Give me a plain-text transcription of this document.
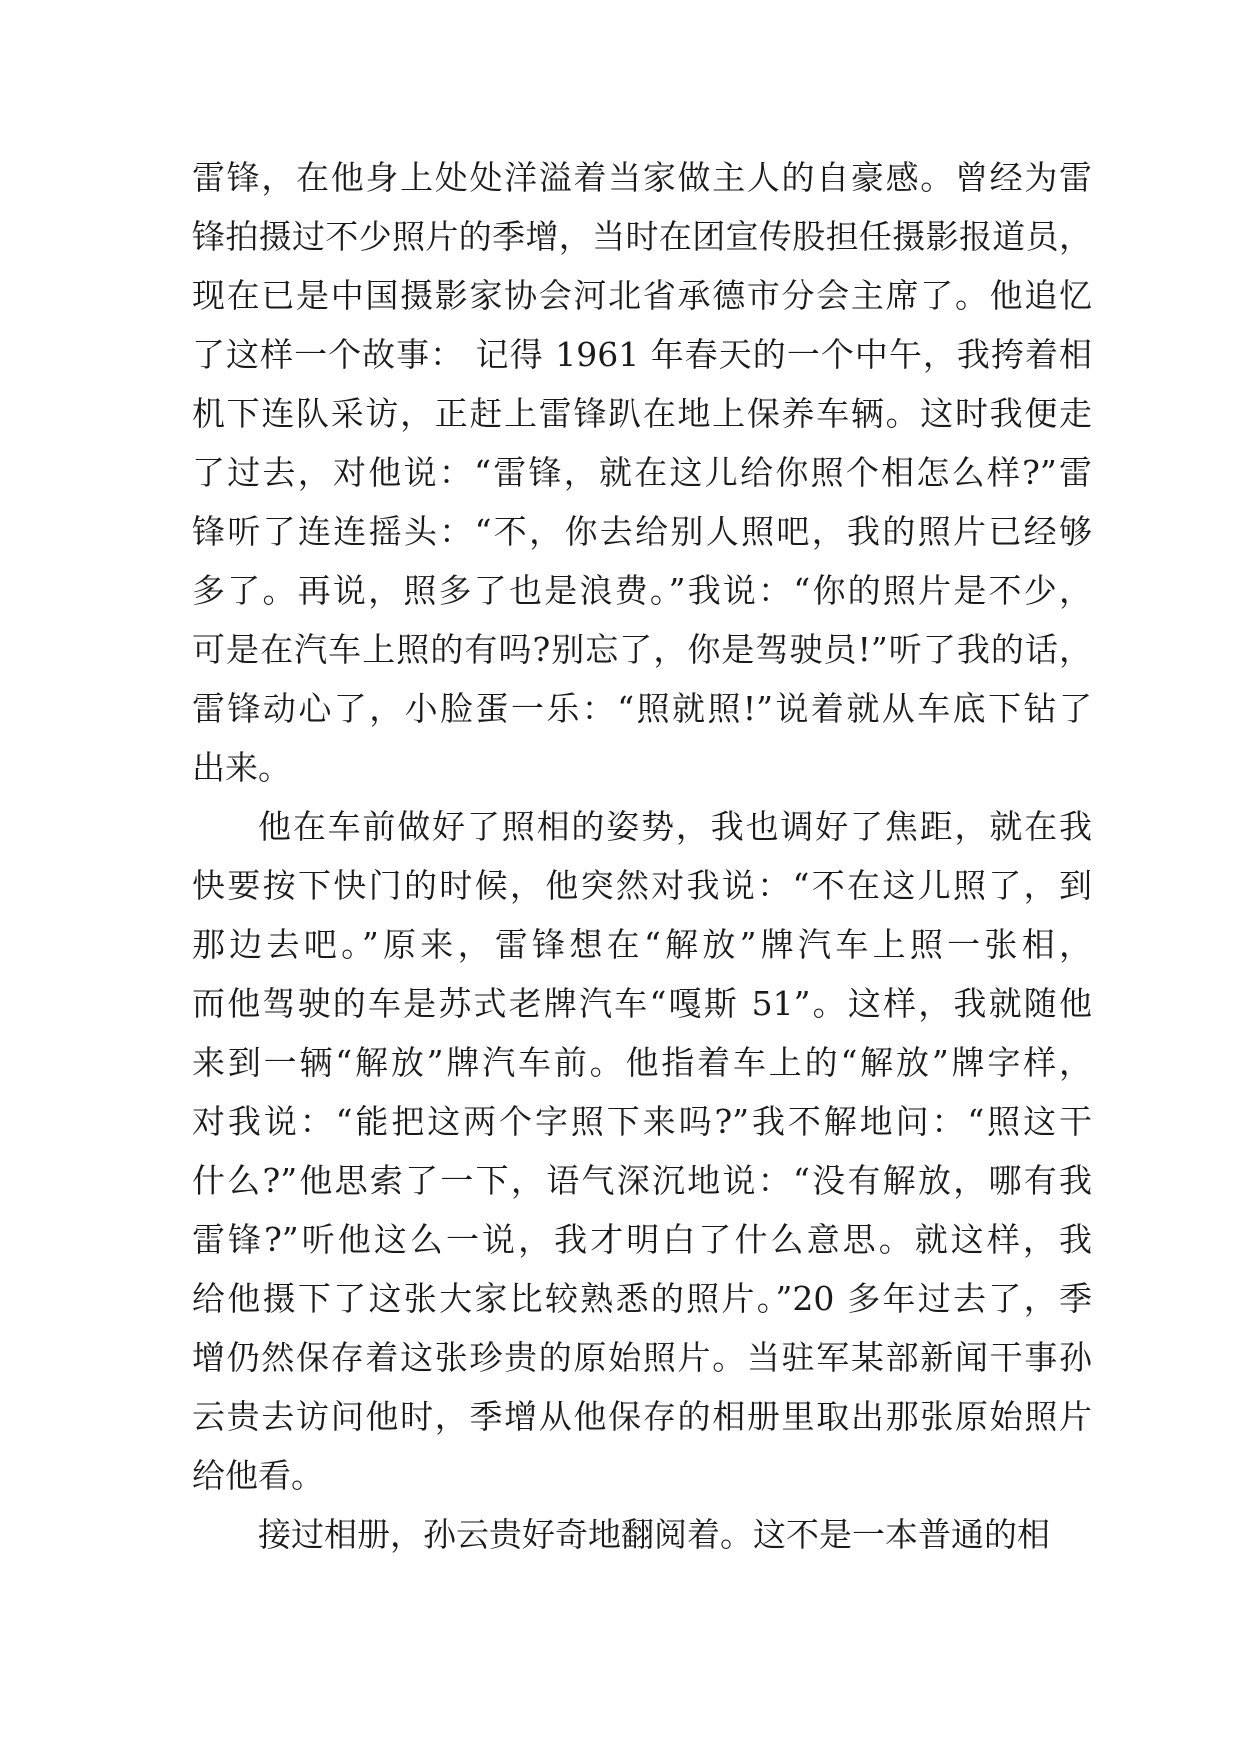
雷锋，在他身上处处洋溢着当家做主人的自豪感。曾经为雷
锋拍摄过不少照片的季增，当时在团宣传股担任摄影报道员，
现在已是中国摄影家协会河北省承德市分会主席了。他追忆
了这样一个故事： 记得 1961 年春天的一个中午，我挎着相
机下连队采访，正赶上雷锋趴在地上保养车辆。这时我便走
了过去，对他说：“雷锋，就在这儿给你照个相怎么样?”雷
锋听了连连摇头：“不，你去给别人照吧，我的照片已经够
多了。再说，照多了也是浪费。”我说：“你的照片是不少，
可是在汽车上照的有吗?别忘了，你是驾驶员!”听了我的话，
雷锋动心了，小脸蛋一乐：“照就照!”说着就从车底下钻了
出来。
他在车前做好了照相的姿势，我也调好了焦距，就在我
快要按下快门的时候，他突然对我说：“不在这儿照了，到
那边去吧。”原来，雷锋想在“解放”牌汽车上照一张相，
而他驾驶的车是苏式老牌汽车“嘎斯 51”。这样，我就随他
来到一辆“解放”牌汽车前。他指着车上的“解放”牌字样，
对我说：“能把这两个字照下来吗?”我不解地问：“照这干
什么?”他思索了一下，语气深沉地说：“没有解放，哪有我
雷锋?”听他这么一说，我才明白了什么意思。就这样，我
给他摄下了这张大家比较熟悉的照片。”20 多年过去了，季
增仍然保存着这张珍贵的原始照片。当驻军某部新闻干事孙
云贵去访问他时，季增从他保存的相册里取出那张原始照片
给他看。
接过相册，孙云贵好奇地翻阅着。这不是一本普通的相
